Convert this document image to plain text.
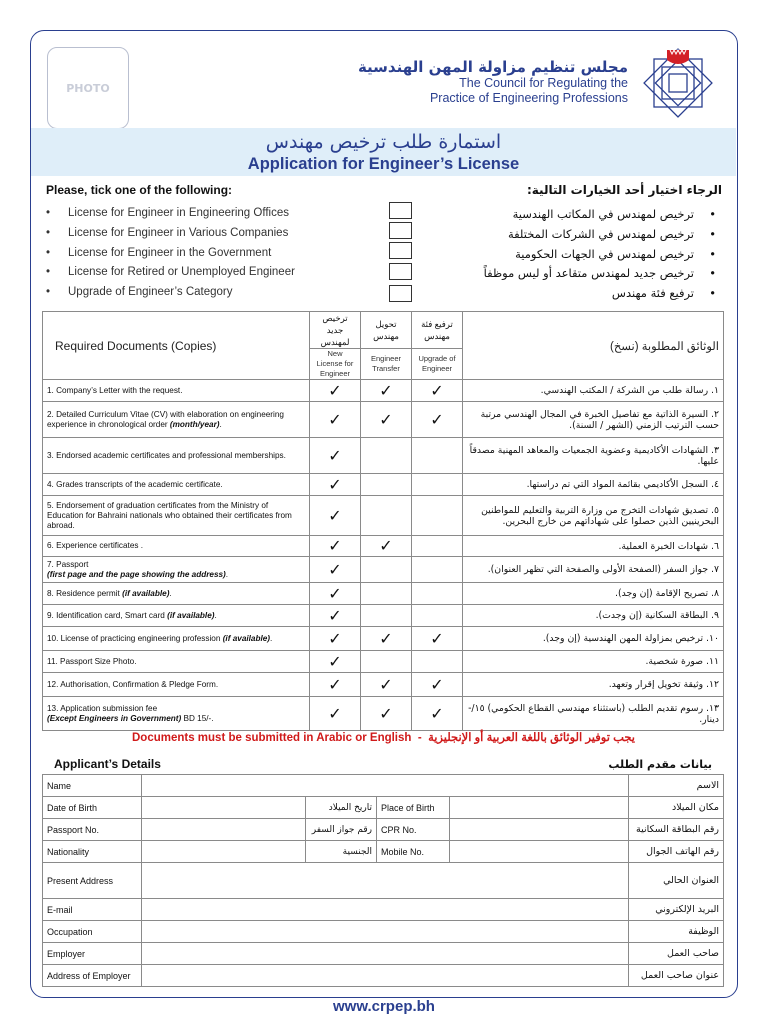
PHOTO
مجلس تنظيم مزاولة المهن الهندسية
The Council for Regulating the
Practice of Engineering Professions
استمارة طلب ترخيص مهندس
Application for Engineer’s License
Please, tick one of the following:	الرجاء اختيار أحد الخيارات التالية:
• License for Engineer in Engineering Offices
• License for Engineer in Various Companies
• License for Engineer in the Government
• License for Retired or Unemployed Engineer
• Upgrade of Engineer’s Category
•ترخيص لمهندس في المكاتب الهندسية
•ترخيص لمهندس في الشركات المختلفة
•ترخيص لمهندس في الجهات الحكومية
•ترخيص جديد لمهندس متقاعد أو ليس موظفاً
•ترفيع فئة مهندس
Required Documents (Copies)	ترخيص جديد لمهندس	تحويل مهندس	ترفيع فئة مهندس	الوثائق المطلوبة (نسخ)
	New License for Engineer	Engineer Transfer	Upgrade of Engineer	
1. Company’s Letter with the request.	✓	✓	✓	١. رسالة طلب من الشركة / المكتب الهندسي.
2. Detailed Curriculum Vitae (CV) with elaboration on engineering experience in chronological order (month/year).	✓	✓	✓	٢. السيرة الذاتية مع تفاصيل الخبرة في المجال الهندسي مرتبة حسب الترتيب الزمني (الشهر / السنة).
3. Endorsed academic certificates and professional memberships.	✓			٣. الشهادات الأكاديمية وعضوية الجمعيات والمعاهد المهنية مصدقاً عليها.
4. Grades transcripts of the academic certificate.	✓			٤. السجل الأكاديمي بقائمة المواد التي تم دراستها.
5. Endorsement of graduation certificates from the Ministry of Education for Bahraini nationals who obtained their certificates from abroad.	✓			٥. تصديق شهادات التخرج من وزارة التربية والتعليم للمواطنين البحرينيين الذين حصلوا على شهاداتهم من خارج البحرين.
6. Experience certificates .	✓	✓		٦. شهادات الخبرة العملية.
7. Passport
(first page and the page showing the address).	✓			٧. جواز السفر (الصفحة الأولى والصفحة التي تظهر العنوان).
8. Residence permit (if available).	✓			٨. تصريح الإقامة (إن وجد).
9. Identification card, Smart card (if available).	✓			٩. البطاقة السكانية (إن وجدت).
10. License of practicing engineering profession (if available).	✓	✓	✓	١٠. ترخيص بمزاولة المهن الهندسية (إن وجد).
11. Passport Size Photo.	✓			١١. صورة شخصية.
12. Authorisation, Confirmation & Pledge Form.	✓	✓	✓	١٢. وثيقة تخويل إقرار وتعهد.
13. Application submission fee
(Except Engineers in Government) BD 15/-.	✓	✓	✓	١٣. رسوم تقديم الطلب (باستثناء مهندسي القطاع الحكومي) ١٥/- دينار.
Documents must be submitted in Arabic or English - يجب توفير الوثائق باللغة العربية أو الإنجليزية
Applicant’s Details	بيانات مقدم الطلب
Name					الاسم
Date of Birth		تاريخ الميلاد	Place of Birth		مكان الميلاد
Passport No.		رقم جواز السفر	CPR No.		رقم البطاقة السكانية
Nationality		الجنسية	Mobile No.		رقم الهاتف الجوال
Present Address					العنوان الحالي
E-mail					البريد الإلكتروني
Occupation					الوظيفة
Employer					صاحب العمل
Address of Employer					عنوان صاحب العمل
www.crpep.bh
